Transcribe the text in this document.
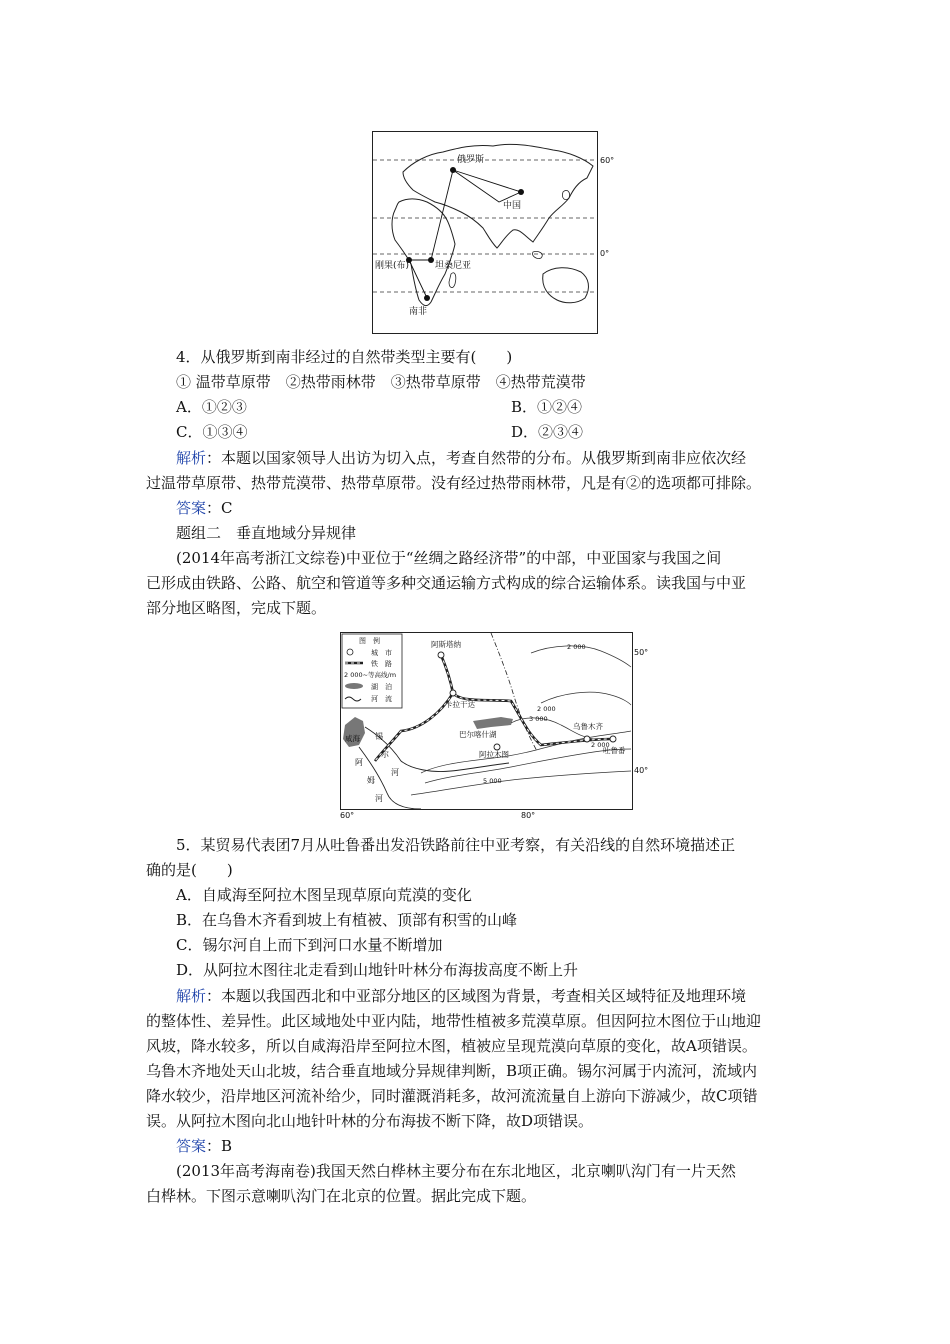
俄罗斯
中国
坦桑尼亚
刚果(布)
南非
60°
0°
4．从俄罗斯到南非经过的自然带类型主要有(　　)
① 温带草原带　②热带雨林带　③热带草原带　④热带荒漠带
A．①②③	B．①②④
C．①③④	D．②③④
解析：本题以国家领导人出访为切入点，考查自然带的分布。从俄罗斯到南非应依次经
过温带草原带、热带荒漠带、热带草原带。没有经过热带雨林带，凡是有②的选项都可排除。
答案：C
题组二　垂直地域分异规律
(2014年高考浙江文综卷)中亚位于“丝绸之路经济带”的中部，中亚国家与我国之间
已形成由铁路、公路、航空和管道等多种交通运输方式构成的综合运输体系。读我国与中亚
部分地区略图，完成下题。
图　例
城　市
铁　路
2 000~等高线/m
湖　泊
河　流
阿斯塔纳
卡拉干达
咸海	巴尔喀什湖
阿拉木图
乌鲁木齐
吐鲁番
锡
尔
河
阿
姆
河
2 000
2 000
3 000
5 000
2 000
50°
40°
60°	80°
5．某贸易代表团7月从吐鲁番出发沿铁路前往中亚考察，有关沿线的自然环境描述正
确的是(　　)
A．自咸海至阿拉木图呈现草原向荒漠的变化
B．在乌鲁木齐看到坡上有植被、顶部有积雪的山峰
C．锡尔河自上而下到河口水量不断增加
D．从阿拉木图往北走看到山地针叶林分布海拔高度不断上升
解析：本题以我国西北和中亚部分地区的区域图为背景，考查相关区域特征及地理环境
的整体性、差异性。此区域地处中亚内陆，地带性植被多荒漠草原。但因阿拉木图位于山地迎
风坡，降水较多，所以自咸海沿岸至阿拉木图，植被应呈现荒漠向草原的变化，故A项错误。
乌鲁木齐地处天山北坡，结合垂直地域分异规律判断，B项正确。锡尔河属于内流河，流域内
降水较少，沿岸地区河流补给少，同时灌溉消耗多，故河流流量自上游向下游减少，故C项错
误。从阿拉木图向北山地针叶林的分布海拔不断下降，故D项错误。
答案：B
(2013年高考海南卷)我国天然白桦林主要分布在东北地区，北京喇叭沟门有一片天然
白桦林。下图示意喇叭沟门在北京的位置。据此完成下题。
